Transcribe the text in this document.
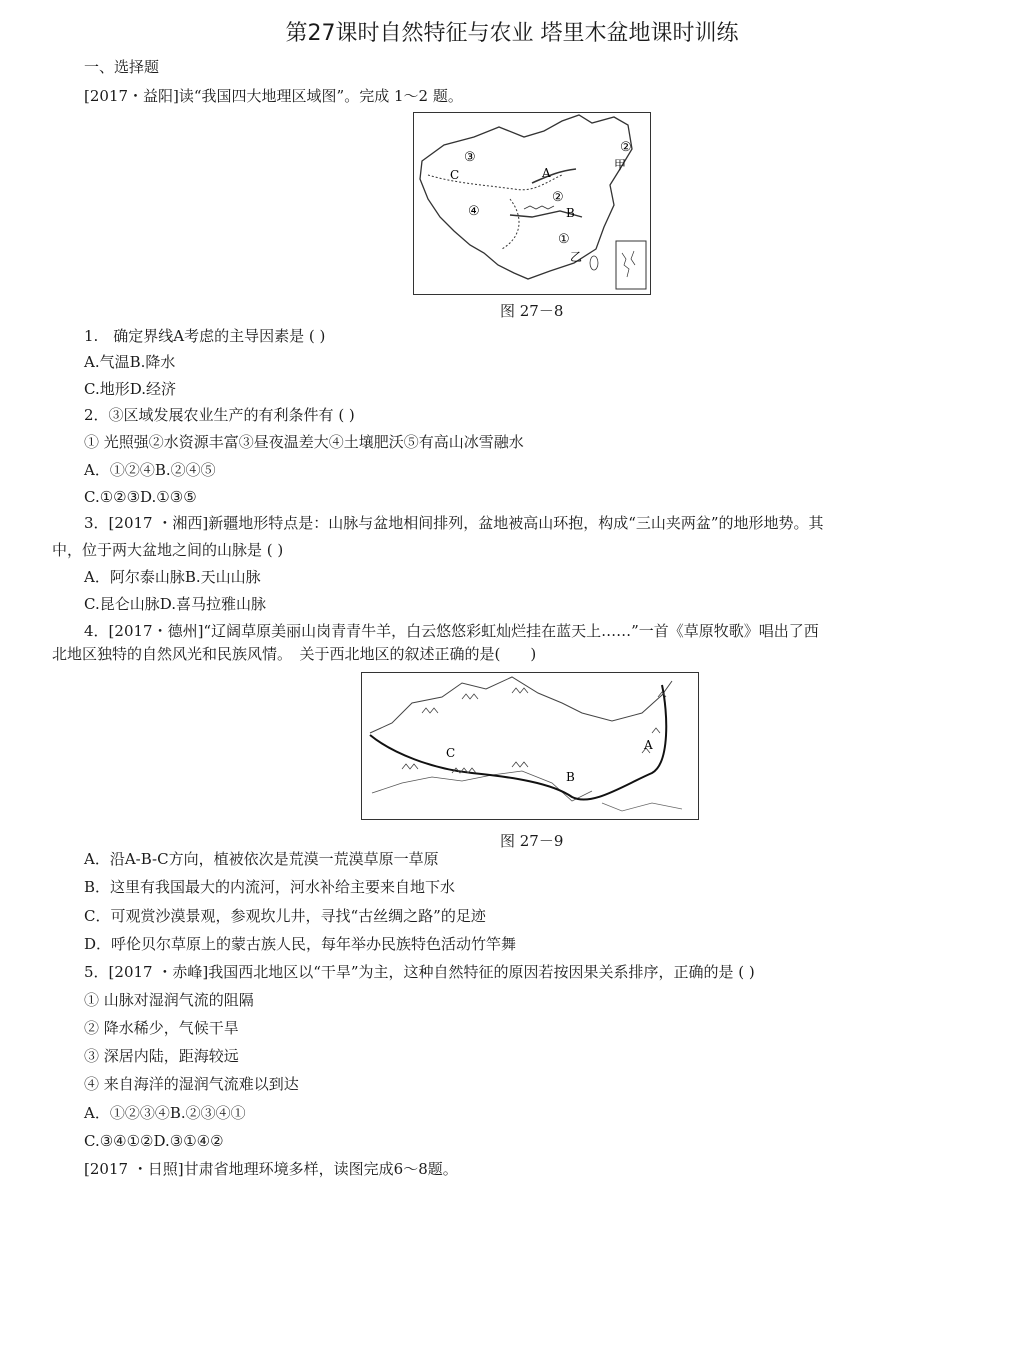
第27课时自然特征与农业 塔里木盆地课时训练
一、选择题
[2017・益阳]读“我国四大地理区域图”。完成 1～2 题。
③
②
甲
C	A
②
B
④
①
乙
图 27－8
1.　确定界线A考虑的主导因素是 ( )
A.气温B.降水
C.地形D.经济
2．③区域发展农业生产的有利条件有 ( )
① 光照强②水资源丰富③昼夜温差大④土壤肥沃⑤有高山冰雪融水
A．①②④B.②④⑤
C.①②③D.①③⑤
3．[2017 ・湘西]新疆地形特点是：山脉与盆地相间排列，盆地被高山环抱，构成“三山夹两盆”的地形地势。其
中，位于两大盆地之间的山脉是 ( )
A．阿尔泰山脉B.天山山脉
C.昆仑山脉D.喜马拉雅山脉
4．[2017・德州]“辽阔草原美丽山岗青青牛羊，白云悠悠彩虹灿烂挂在蓝天上……”一首《草原牧歌》唱出了西
北地区独特的自然风光和民族风情。　关于西北地区的叙述正确的是(　　)
C
B
A
图 27－9
A．沿A-B-C方向，植被依次是荒漠一荒漠草原一草原
B．这里有我国最大的内流河，河水补给主要来自地下水
C．可观赏沙漠景观，参观坎儿井，寻找“古丝绸之路”的足迹
D．呼伦贝尔草原上的蒙古族人民，每年举办民族特色活动竹竿舞
5．[2017 ・赤峰]我国西北地区以“干旱”为主，这种自然特征的原因若按因果关系排序，正确的是 ( )
① 山脉对湿润气流的阻隔
② 降水稀少，气候干旱
③ 深居内陆，距海较远
④ 来自海洋的湿润气流难以到达
A．①②③④B.②③④①
C.③④①②D.③①④②
[2017 ・日照]甘肃省地理环境多样，读图完成6～8题。
